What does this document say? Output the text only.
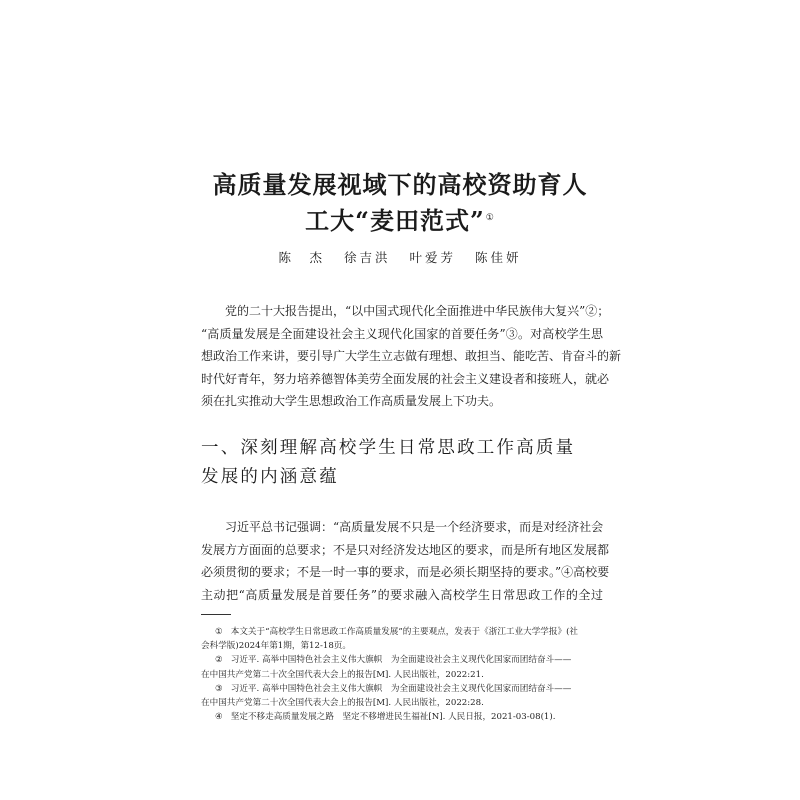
高质量发展视域下的高校资助育人
工大“麦田范式”①
陈　杰 徐吉洪 叶爱芳 陈佳妍
　　党的二十大报告提出，“以中国式现代化全面推进中华民族伟大复兴”②；
“高质量发展是全面建设社会主义现代化国家的首要任务”③。对高校学生思
想政治工作来讲，要引导广大学生立志做有理想、敢担当、能吃苦、肯奋斗的新
时代好青年，努力培养德智体美劳全面发展的社会主义建设者和接班人，就必
须在扎实推动大学生思想政治工作高质量发展上下功夫。
一、深刻理解高校学生日常思政工作高质量
发展的内涵意蕴
　　习近平总书记强调：“高质量发展不只是一个经济要求，而是对经济社会
发展方方面面的总要求；不是只对经济发达地区的要求，而是所有地区发展都
必须贯彻的要求；不是一时一事的要求，而是必须长期坚持的要求。”④高校要
主动把“高质量发展是首要任务”的要求融入高校学生日常思政工作的全过
① 本文关于“高校学生日常思政工作高质量发展”的主要观点，发表于《浙江工业大学学报》(社
会科学版)2024年第1期，第12-18页。
② 习近平. 高举中国特色社会主义伟大旗帜　为全面建设社会主义现代化国家而团结奋斗——
在中国共产党第二十次全国代表大会上的报告[M]. 人民出版社，2022:21.
③ 习近平. 高举中国特色社会主义伟大旗帜　为全面建设社会主义现代化国家而团结奋斗——
在中国共产党第二十次全国代表大会上的报告[M]. 人民出版社，2022:28.
④ 坚定不移走高质量发展之路　坚定不移增进民生福祉[N]. 人民日报，2021-03-08(1).
